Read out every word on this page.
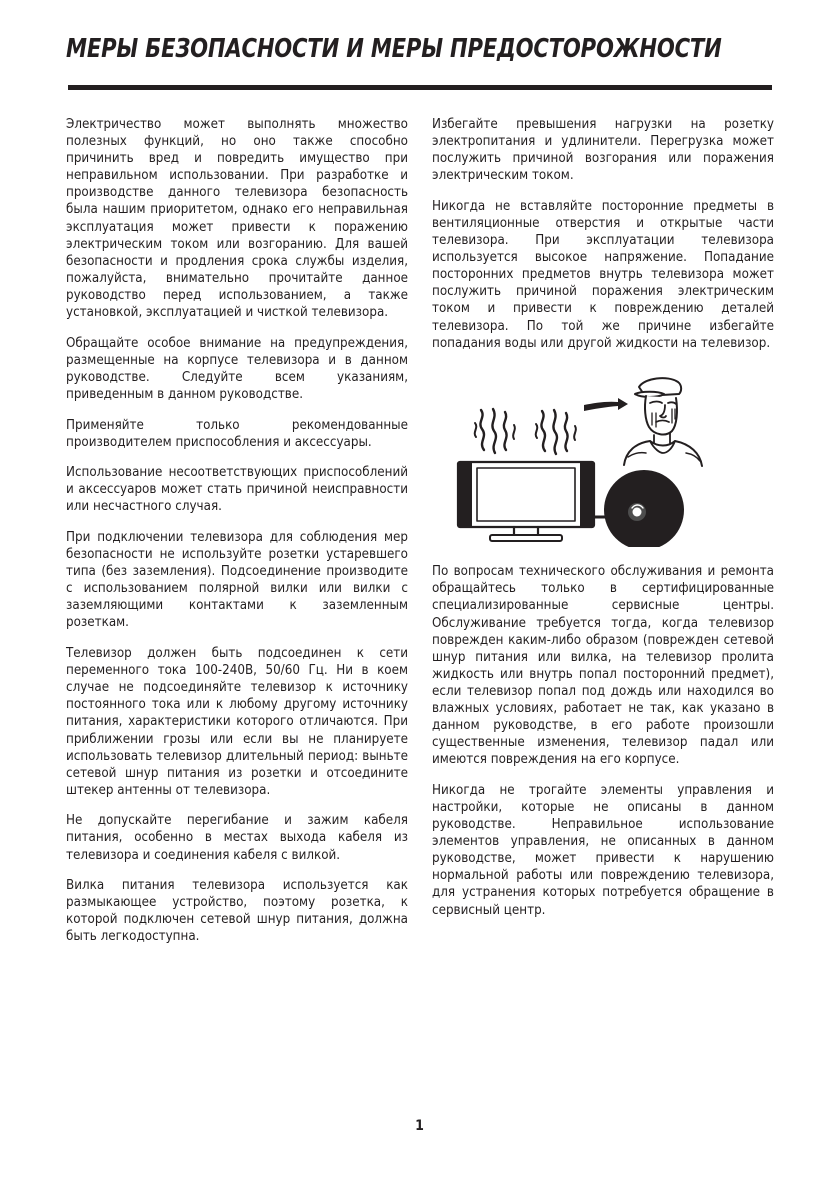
МЕРЫ БЕЗОПАСНОСТИ И МЕРЫ ПРЕДОСТОРОЖНОСТИ

Электричество может выполнять множество полезных функций, но оно также способно причинить вред и повредить имущество при неправильном использовании. При разработке и производстве данного телевизора безопасность была нашим приоритетом, однако его неправильная эксплуатация может привести к поражению электрическим током или возгоранию. Для вашей безопасности и продления срока службы изделия, пожалуйста, внимательно прочитайте данное руководство перед использованием, а также установкой, эксплуатацией и чисткой телевизора.

Обращайте особое внимание на предупреждения, размещенные на корпусе телевизора и в данном руководстве. Следуйте всем указаниям, приведенным в данном руководстве.

Применяйте только рекомендованные производителем приспособления и аксессуары.

Использование несоответствующих приспособлений и аксессуаров может стать причиной неисправности или несчастного случая.

При подключении телевизора для соблюдения мер безопасности не используйте розетки устаревшего типа (без заземления). Подсоединение производите с использованием полярной вилки или вилки с заземляющими контактами к заземленным розеткам.

Телевизор должен быть подсоединен к сети переменного тока 100-240В, 50/60 Гц. Ни в коем случае не подсоединяйте телевизор к источнику постоянного тока или к любому другому источнику питания, характеристики которого отличаются. При приближении грозы или если вы не планируете использовать телевизор длительный период: выньте сетевой шнур питания из розетки и отсоедините штекер антенны от телевизора.

Не допускайте перегибание и зажим кабеля питания, особенно в местах выхода кабеля из телевизора и соединения кабеля с вилкой.

Вилка питания телевизора используется как размыкающее устройство, поэтому розетка, к которой подключен сетевой шнур питания, должна быть легкодоступна.

Избегайте превышения нагрузки на розетку электропитания и удлинители. Перегрузка может послужить причиной возгорания или поражения электрическим током.

Никогда не вставляйте посторонние предметы в вентиляционные отверстия и открытые части телевизора. При эксплуатации телевизора используется высокое напряжение. Попадание посторонних предметов внутрь телевизора может послужить причиной поражения электрическим током и привести к повреждению деталей телевизора. По той же причине избегайте попадания воды или другой жидкости на телевизор.

По вопросам технического обслуживания и ремонта обращайтесь только в сертифицированные специализированные сервисные центры. Обслуживание требуется тогда, когда телевизор поврежден каким-либо образом (поврежден сетевой шнур питания или вилка, на телевизор пролита жидкость или внутрь попал посторонний предмет), если телевизор попал под дождь или находился во влажных условиях, работает не так, как указано в данном руководстве, в его работе произошли существенные изменения, телевизор падал или имеются повреждения на его корпусе.

Никогда не трогайте элементы управления и настройки, которые не описаны в данном руководстве. Неправильное использование элементов управления, не описанных в данном руководстве, может привести к нарушению нормальной работы или повреждению телевизора, для устранения которых потребуется обращение в сервисный центр.

1
